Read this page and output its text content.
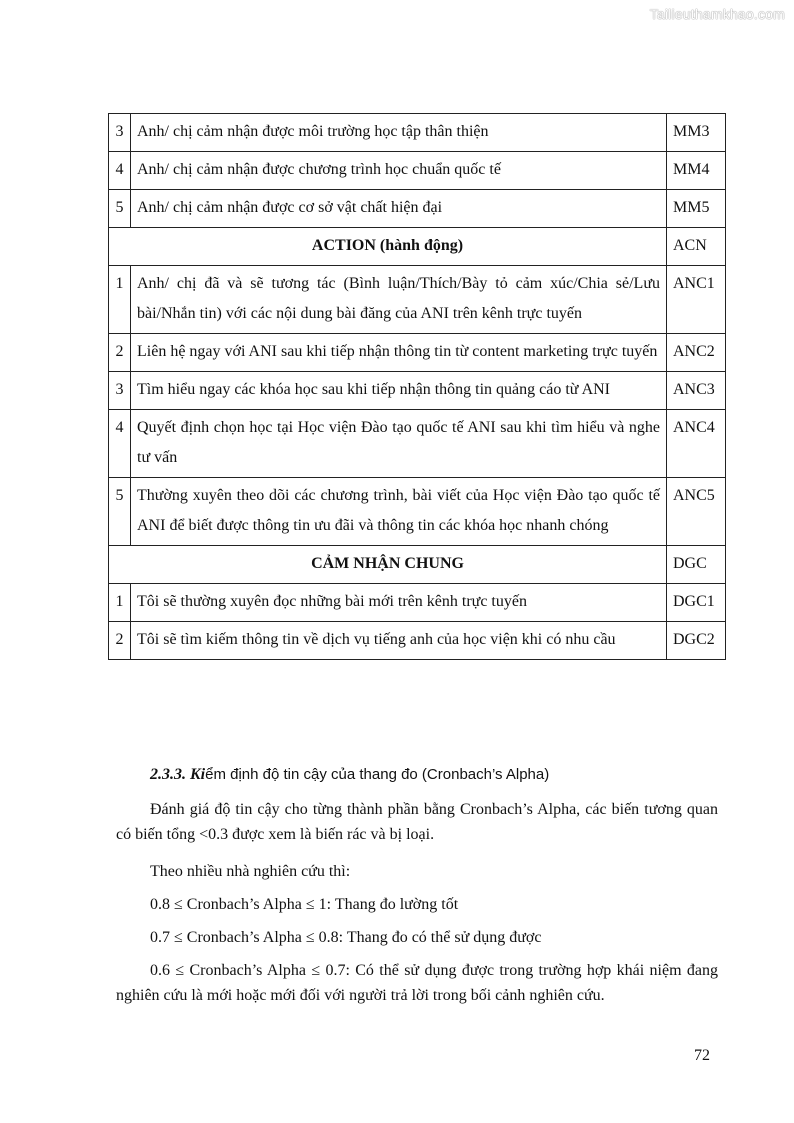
Tailieuthamkhao.com
3	Anh/ chị cảm nhận được môi trường học tập thân thiện	MM3
4	Anh/ chị cảm nhận được chương trình học chuẩn quốc tế	MM4
5	Anh/ chị cảm nhận được cơ sở vật chất hiện đại	MM5
ACTION (hành động)		ACN
1	Anh/ chị đã và sẽ tương tác (Bình luận/Thích/Bày tỏ cảm xúc/Chia sẻ/Lưu bài/Nhắn tin) với các nội dung bài đăng của ANI trên kênh trực tuyến	ANC1
2	Liên hệ ngay với ANI sau khi tiếp nhận thông tin từ content marketing trực tuyến	ANC2
3	Tìm hiểu ngay các khóa học sau khi tiếp nhận thông tin quảng cáo từ ANI	ANC3
4	Quyết định chọn học tại Học viện Đào tạo quốc tế ANI sau khi tìm hiểu và nghe tư vấn	ANC4
5	Thường xuyên theo dõi các chương trình, bài viết của Học viện Đào tạo quốc tế ANI để biết được thông tin ưu đãi và thông tin các khóa học nhanh chóng	ANC5
CẢM NHẬN CHUNG		DGC
1	Tôi sẽ thường xuyên đọc những bài mới trên kênh trực tuyến	DGC1
2	Tôi sẽ tìm kiếm thông tin về dịch vụ tiếng anh của học viện khi có nhu cầu	DGC2
2.3.3. Kiểm định độ tin cậy của thang đo (Cronbach’s Alpha)
Đánh giá độ tin cậy cho từng thành phần bằng Cronbach’s Alpha, các biến tương quan có biến tổng <0.3 được xem là biến rác và bị loại.
Theo nhiều nhà nghiên cứu thì:
0.8 ≤ Cronbach’s Alpha ≤ 1: Thang đo lường tốt
0.7 ≤ Cronbach’s Alpha ≤ 0.8: Thang đo có thể sử dụng được
0.6 ≤ Cronbach’s Alpha ≤ 0.7: Có thể sử dụng được trong trường hợp khái niệm đang nghiên cứu là mới hoặc mới đối với người trả lời trong bối cảnh nghiên cứu.
72
